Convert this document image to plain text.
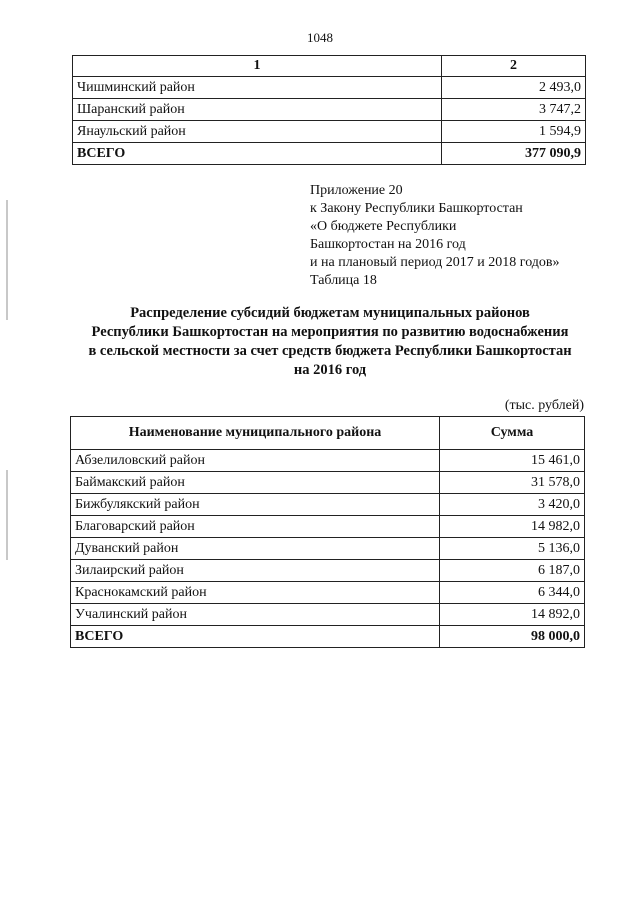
1048
1	2
Чишминский район	2 493,0
Шаранский район	3 747,2
Янаульский район	1 594,9
ВСЕГО	377 090,9
Приложение 20
к Закону Республики Башкортостан
«О бюджете Республики
Башкортостан на 2016 год
и на плановый период 2017 и 2018 годов»
Таблица 18
Распределение субсидий бюджетам муниципальных районов
Республики Башкортостан на мероприятия по развитию водоснабжения
в сельской местности за счет средств бюджета Республики Башкортостан
на 2016 год
(тыс. рублей)
Наименование муниципального района	Сумма
Абзелиловский район	15 461,0
Баймакский район	31 578,0
Бижбулякский район	3 420,0
Благоварский район	14 982,0
Дуванский район	5 136,0
Зилаирский район	6 187,0
Краснокамский район	6 344,0
Учалинский район	14 892,0
ВСЕГО	98 000,0
